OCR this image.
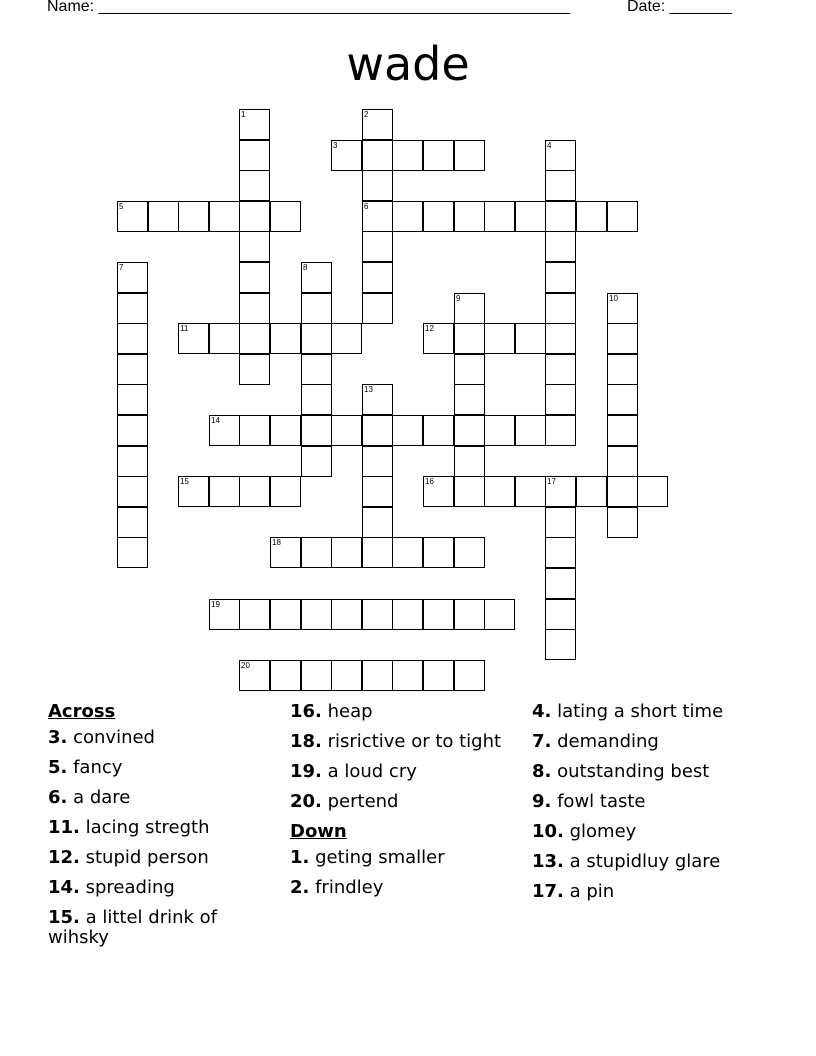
Name: _____________________________________________________	Date: _______
wade
1	2
6
3	4
5
7	8
9	10
11	12
13
14
15	16	17
18
19
20
Across
3. convined
5. fancy
6. a dare
11. lacing stregth
12. stupid person
14. spreading
15. a littel drink of wihsky
16. heap
18. risrictive or to tight
19. a loud cry
20. pertend
Down
1. geting smaller
2. frindley
4. lating a short time
7. demanding
8. outstanding best
9. fowl taste
10. glomey
13. a stupidluy glare
17. a pin
